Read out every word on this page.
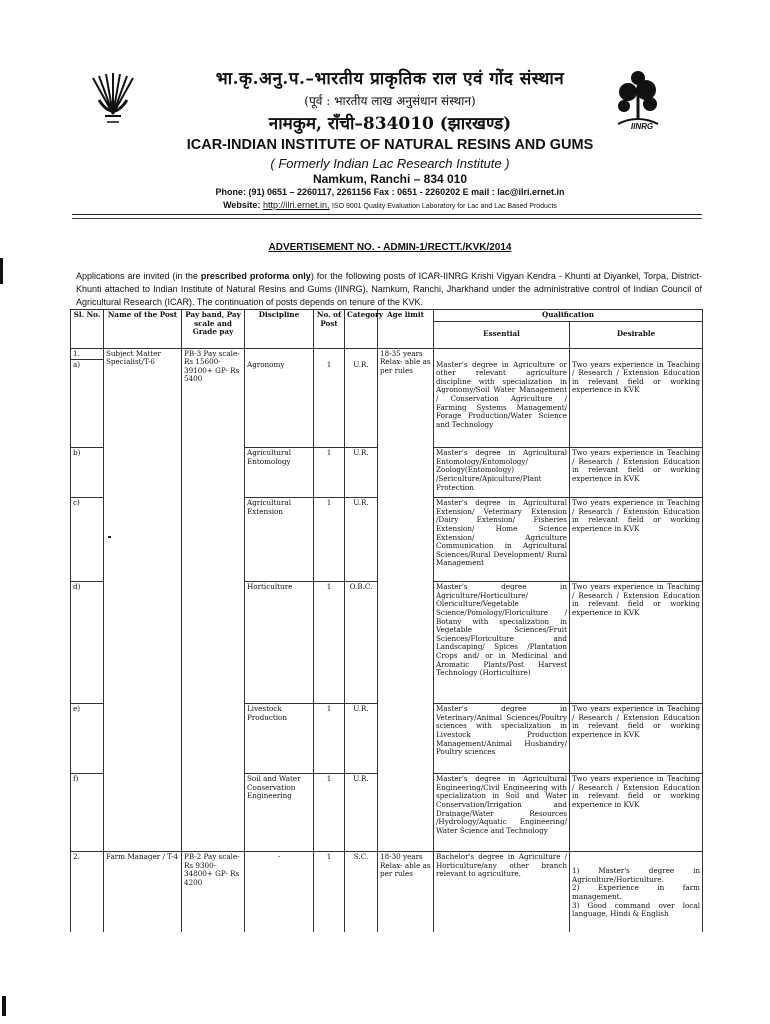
IINRG
भा.कृ.अनु.प.–भारतीय प्राकृतिक राल एवं गोंद संस्थान
(पूर्व : भारतीय लाख अनुसंधान संस्थान)
नामकुम, राँची–834010 (झारखण्ड)
ICAR-INDIAN INSTITUTE OF NATURAL RESINS AND GUMS
( Formerly Indian Lac Research Institute )
Namkum, Ranchi – 834 010
Phone: (91) 0651 – 2260117, 2261156 Fax : 0651 - 2260202 E mail : lac@ilri.ernet.in
Website: http://ilri.ernet.in, ISO 9001 Quality Evaluation Laboratory for Lac and Lac Based Products
ADVERTISEMENT NO. - ADMIN-1/RECTT./KVK/2014
Applications are invited (in the prescribed proforma only) for the following posts of ICAR-IINRG Krishi Vigyan Kendra - Khunti at Diyankel, Torpa, District-Khunti attached to Indian Institute of Natural Resins and Gums (IINRG), Namkum, Ranchi, Jharkhand under the administrative control of Indian Council of Agricultural Research (ICAR). The continuation of posts depends on tenure of the KVK.
Sl. No.	Name of the Post	Pay band, Pay scale and Grade pay	Discipline	No. of Post	Category	Age limit	Qualification	
							Essential	Desirable
1.	Subject Matter Specialist/T-6	PB-3 Pay scale- Rs 15600- 39100+ GP- Rs 5400				18-35 years Relax- able as per rules		
a)			Agronomy	1	U.R.		Master's degree in Agriculture or other relevant agriculture discipline with specialization in Agronomy/Soil Water Management / Conservation Agriculture / Farming Systems Management/ Forage Production/Water Science and Technology	Two years experience in Teaching / Research / Extension Education in relevant field or working experience in KVK
b)			Agricultural Entomology	1	U.R.		Master's degree in Agricultural Entomology/Entomology/ Zoology(Entomology) /Sericulture/Apiculture/Plant Protection	Two years experience in Teaching / Research / Extension Education in relevant field or working experience in KVK
c)			Agricultural Extension	1	U.R.		Master's degree in Agricultural Extension/ Veterinary Extension /Dairy Extension/ Fisheries Extension/ Home Science Extension/ Agriculture Communication in Agricultural Sciences/Rural Development/ Rural Management	Two years experience in Teaching / Research / Extension Education in relevant field or working experience in KVK
d)			Horticulture	1	O.B.C.		Master's degree in Agriculture/Horticulture/ Olericulture/Vegetable Science/Pomology/Floriculture / Botany with specialization in Vegetable Sciences/Fruit Sciences/Floriculture and Landscaping/ Spices /Plantation Crops and/ or in Medicinal and Aromatic Plants/Post Harvest Technology (Horticulture)	Two years experience in Teaching / Research / Extension Education in relevant field or working experience in KVK
e)			Livestock Production	1	U.R.		Master's degree in Veterinary/Animal Sciences/Poultry sciences with specialization in Livestock Production Management/Animal Husbandry/ Poultry sciences	Two years experience in Teaching / Research / Extension Education in relevant field or working experience in KVK
f)			Soil and Water Conservation Engineering	1	U.R.		Master's degree in Agricultural Engineering/Civil Engineering with specialization in Soil and Water Conservation/Irrigation and Drainage/Water Resources /Hydrology/Aquatic Engineering/ Water Science and Technology	Two years experience in Teaching / Research / Extension Education in relevant field or working experience in KVK
2.	Farm Manager / T-4	PB-2 Pay scale- Rs 9300- 34800+ GP- Rs 4200	-	1	S.C.	18-30 years Relax- able as per rules	Bachelor's degree in Agriculture / Horticulture/any other branch relevant to agriculture.	1) Master's degree in Agriculture/Horticulture.
2) Experience in farm management.
3) Good command over local language, Hindi & English
